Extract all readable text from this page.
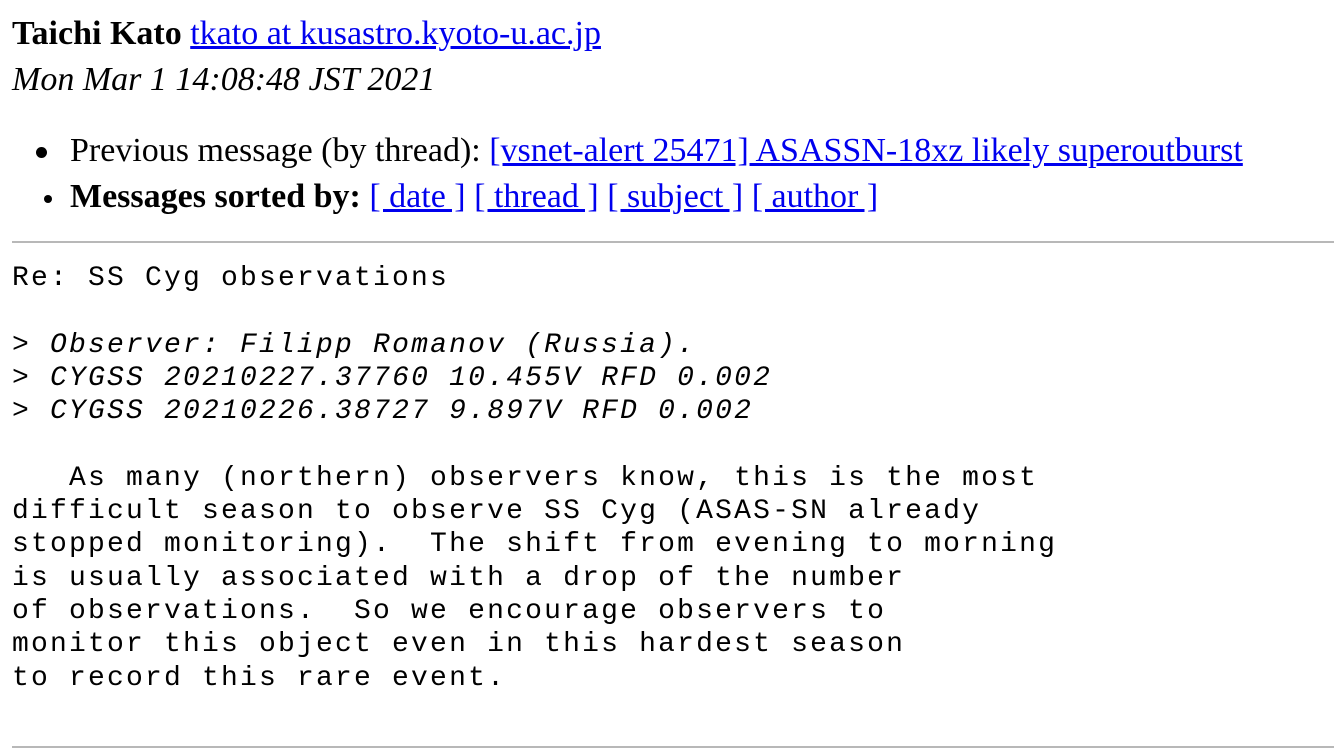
Taichi Kato tkato at kusastro.kyoto-u.ac.jp
Mon Mar 1 14:08:48 JST 2021
Previous message (by thread): [vsnet-alert 25471] ASASSN-18xz likely superoutburst
Messages sorted by: [ date ] [ thread ] [ subject ] [ author ]
Re: SS Cyg observations

> Observer: Filipp Romanov (Russia).
> CYGSS 20210227.37760 10.455V RFD 0.002
> CYGSS 20210226.38727 9.897V RFD 0.002

As many (northern) observers know, this is the most
difficult season to observe SS Cyg (ASAS-SN already
stopped monitoring).  The shift from evening to morning
is usually associated with a drop of the number
of observations.  So we encourage observers to
monitor this object even in this hardest season
to record this rare event.
